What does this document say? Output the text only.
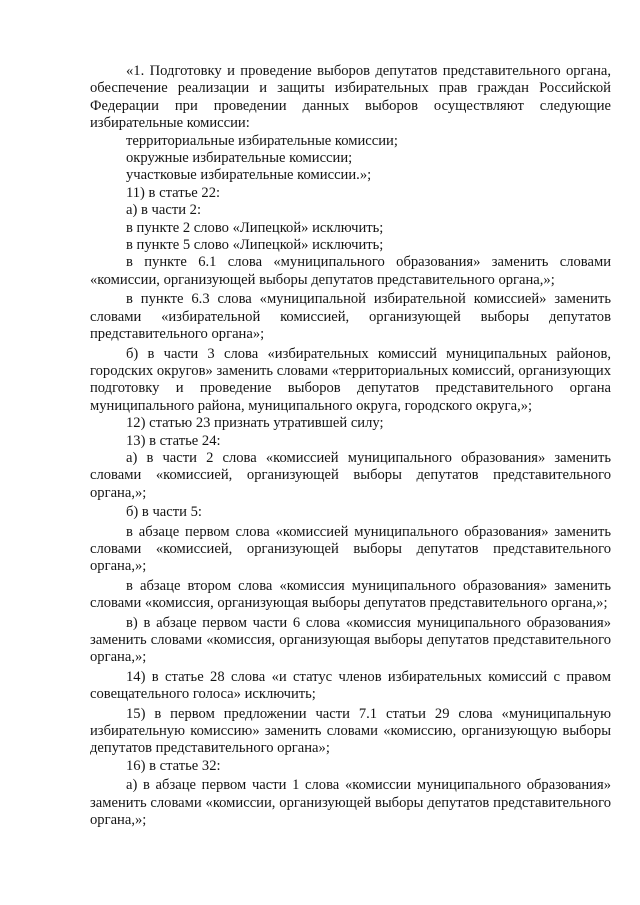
«1. Подготовку и проведение выборов депутатов представительного органа, обеспечение реализации и защиты избирательных прав граждан Российской Федерации при проведении данных выборов осуществляют следующие избирательные комиссии:

территориальные избирательные комиссии;

окружные избирательные комиссии;

участковые избирательные комиссии.»;

11) в статье 22:

а) в части 2:

в пункте 2 слово «Липецкой» исключить;

в пункте 5 слово «Липецкой» исключить;

в пункте 6.1 слова «муниципального образования» заменить словами «комиссии, организующей выборы депутатов представительного органа,»;

в пункте 6.3 слова «муниципальной избирательной комиссией» заменить словами «избирательной комиссией, организующей выборы депутатов представительного органа»;

б) в части 3 слова «избирательных комиссий муниципальных районов, городских округов» заменить словами «территориальных комиссий, организующих подготовку и проведение выборов депутатов представительного органа муниципального района, муниципального округа, городского округа,»;

12) статью 23 признать утратившей силу;

13) в статье 24:

а) в части 2 слова «комиссией муниципального образования» заменить словами «комиссией, организующей выборы депутатов представительного органа,»;

б) в части 5:

в абзаце первом слова «комиссией муниципального образования» заменить словами «комиссией, организующей выборы депутатов представительного органа,»;

в абзаце втором слова «комиссия муниципального образования» заменить словами «комиссия, организующая выборы депутатов представительного органа,»;

в) в абзаце первом части 6 слова «комиссия муниципального образования» заменить словами «комиссия, организующая выборы депутатов представительного органа,»;

14) в статье 28 слова «и статус членов избирательных комиссий с правом совещательного голоса» исключить;

15) в первом предложении части 7.1 статьи 29 слова «муниципальную избирательную комиссию» заменить словами «комиссию, организующую выборы депутатов представительного органа»;

16) в статье 32:

а) в абзаце первом части 1 слова «комиссии муниципального образования» заменить словами «комиссии, организующей выборы депутатов представительного органа,»;
